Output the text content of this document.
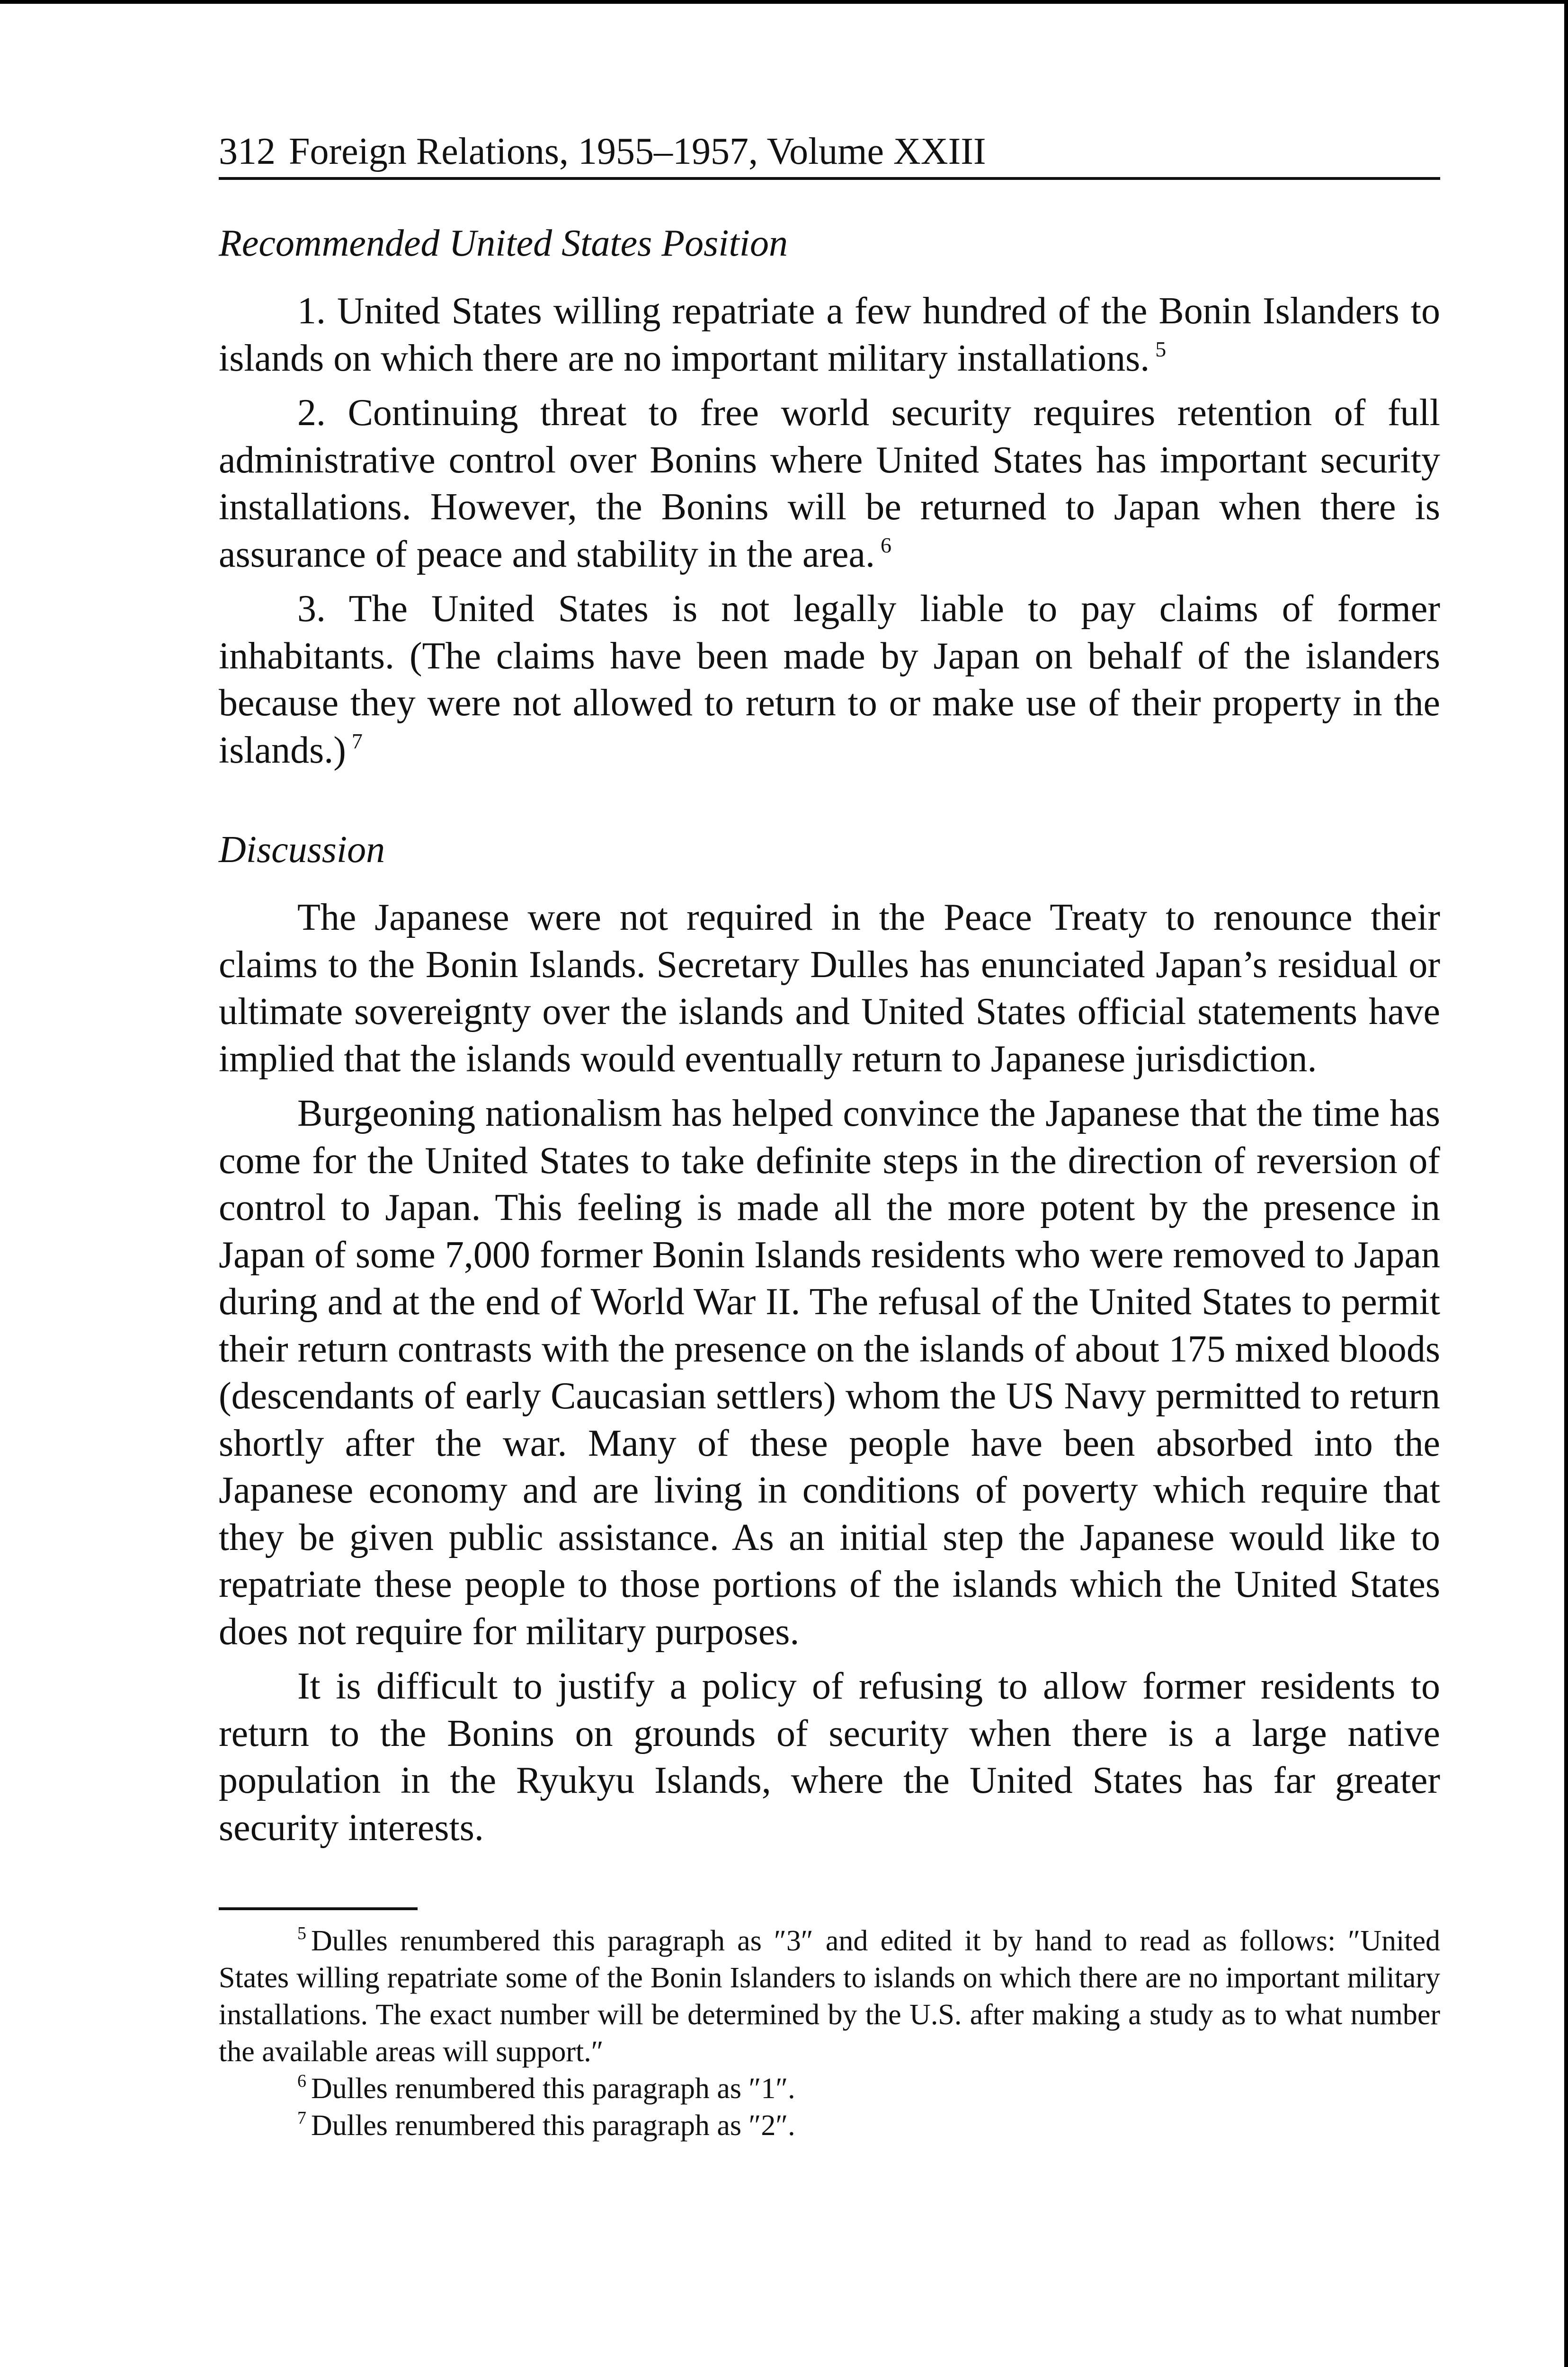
312 Foreign Relations, 1955–1957, Volume XXIII
Recommended United States Position

1. United States willing repatriate a few hundred of the Bonin Islanders to islands on which there are no important military installations. $^5$

2. Continuing threat to free world security requires retention of full administrative control over Bonins where United States has important security installations. However, the Bonins will be returned to Japan when there is assurance of peace and stability in the area. $^6$

3. The United States is not legally liable to pay claims of former inhabitants. (The claims have been made by Japan on behalf of the islanders because they were not allowed to return to or make use of their property in the islands.) $^7$

Discussion

The Japanese were not required in the Peace Treaty to renounce their claims to the Bonin Islands. Secretary Dulles has enunciated Japan’s residual or ultimate sovereignty over the islands and United States official statements have implied that the islands would eventually return to Japanese jurisdiction.

Burgeoning nationalism has helped convince the Japanese that the time has come for the United States to take definite steps in the direction of reversion of control to Japan. This feeling is made all the more potent by the presence in Japan of some 7,000 former Bonin Islands residents who were removed to Japan during and at the end of World War II. The refusal of the United States to permit their return contrasts with the presence on the islands of about 175 mixed bloods (descendants of early Caucasian settlers) whom the US Navy permitted to return shortly after the war. Many of these people have been absorbed into the Japanese economy and are living in conditions of poverty which require that they be given public assistance. As an initial step the Japanese would like to repatriate these people to those portions of the islands which the United States does not require for military purposes.

It is difficult to justify a policy of refusing to allow former residents to return to the Bonins on grounds of security when there is a large native population in the Ryukyu Islands, where the United States has far greater security interests.

$^5$ Dulles renumbered this paragraph as ″3″ and edited it by hand to read as follows: ″United States willing repatriate some of the Bonin Islanders to islands on which there are no important military installations. The exact number will be determined by the U.S. after making a study as to what number the available areas will support.″

$^6$ Dulles renumbered this paragraph as ″1″.

$^7$ Dulles renumbered this paragraph as ″2″.
